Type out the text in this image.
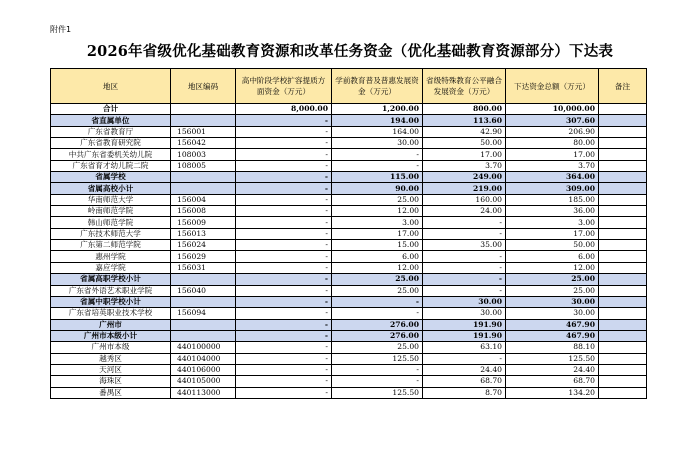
附件1
2026年省级优化基础教育资源和改革任务资金（优化基础教育资源部分）下达表
地区	地区编码	高中阶段学校扩容提质方面资金（万元）	学前教育普及普惠发展资金（万元）	省级特殊教育公平融合发展资金（万元）	下达资金总额（万元）	备注
合计		8,000.00	1,200.00	800.00	10,000.00	
省直属单位		-	194.00	113.60	307.60	
广东省教育厅	156001	-	164.00	42.90	206.90	
广东省教育研究院	156042	-	30.00	50.00	80.00	
中共广东省委机关幼儿院	108003	-	-	17.00	17.00	
广东省育才幼儿院二院	108005	-	-	3.70	3.70	
省属学校		-	115.00	249.00	364.00	
省属高校小计		-	90.00	219.00	309.00	
华南师范大学	156004	-	25.00	160.00	185.00	
岭南师范学院	156008	-	12.00	24.00	36.00	
韩山师范学院	156009	-	3.00	-	3.00	
广东技术师范大学	156013	-	17.00	-	17.00	
广东第二师范学院	156024	-	15.00	35.00	50.00	
惠州学院	156029	-	6.00	-	6.00	
嘉应学院	156031	-	12.00	-	12.00	
省属高职学校小计		-	25.00	-	25.00	
广东省外语艺术职业学院	156040	-	25.00	-	25.00	
省属中职学校小计		-	-	30.00	30.00	
广东省培英职业技术学校	156094	-	-	30.00	30.00	
广州市		-	276.00	191.90	467.90	
广州市本级小计		-	276.00	191.90	467.90	
广州市本级	440100000	-	25.00	63.10	88.10	
越秀区	440104000	-	125.50	-	125.50	
天河区	440106000	-	-	24.40	24.40	
海珠区	440105000	-	-	68.70	68.70	
番禺区	440113000	-	125.50	8.70	134.20	
